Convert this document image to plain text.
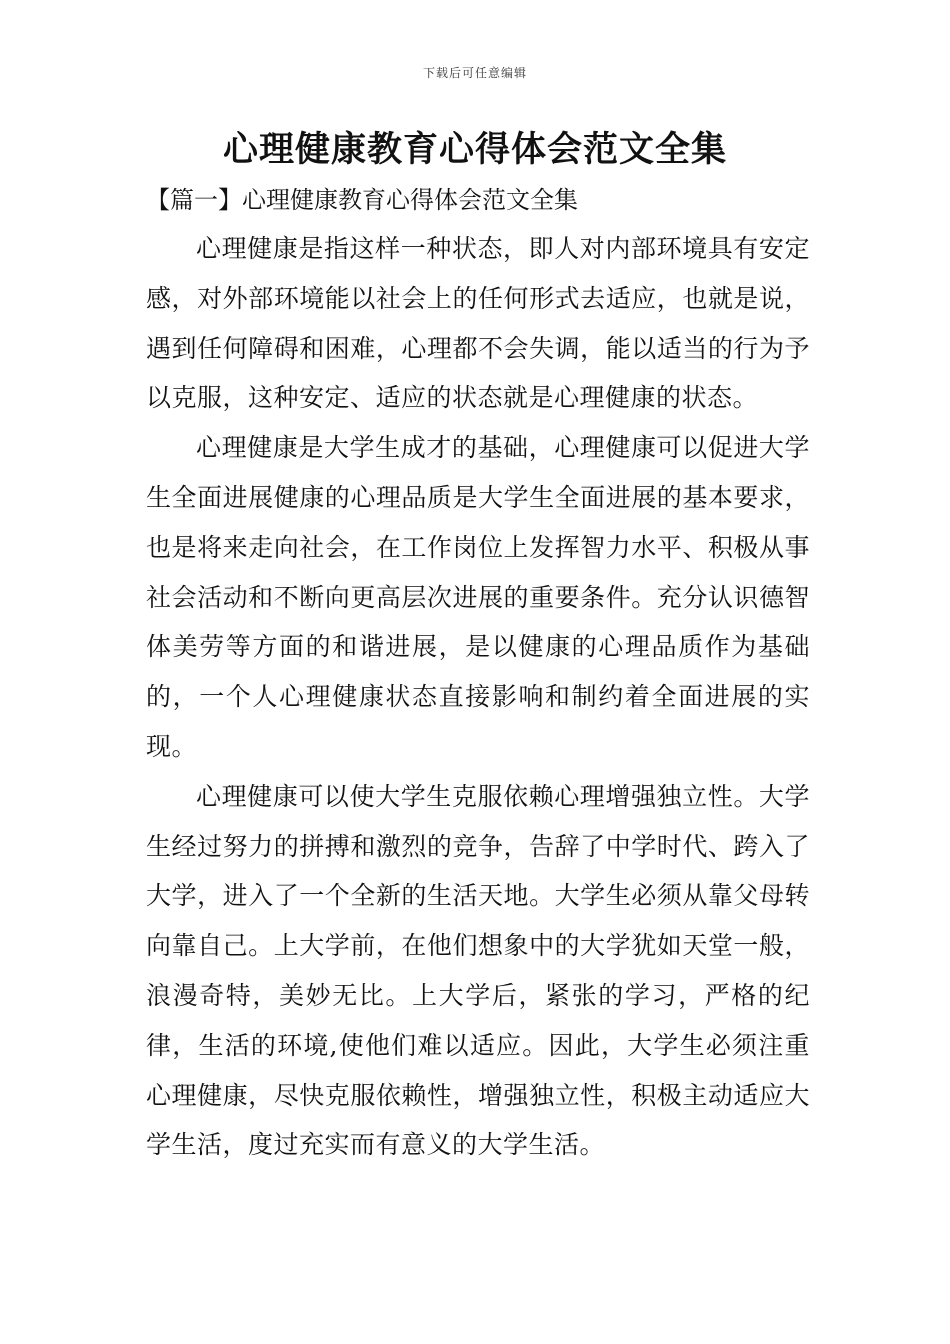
下载后可任意编辑
心理健康教育心得体会范文全集
【篇一】心理健康教育心得体会范文全集

心理健康是指这样一种状态，即人对内部环境具有安定感，对外部环境能以社会上的任何形式去适应，也就是说，遇到任何障碍和困难，心理都不会失调，能以适当的行为予以克服，这种安定、适应的状态就是心理健康的状态。

心理健康是大学生成才的基础，心理健康可以促进大学生全面进展健康的心理品质是大学生全面进展的基本要求，也是将来走向社会，在工作岗位上发挥智力水平、积极从事社会活动和不断向更高层次进展的重要条件。充分认识德智体美劳等方面的和谐进展，是以健康的心理品质作为基础的，一个人心理健康状态直接影响和制约着全面进展的实现。

心理健康可以使大学生克服依赖心理增强独立性。大学生经过努力的拼搏和激烈的竞争，告辞了中学时代、跨入了大学，进入了一个全新的生活天地。大学生必须从靠父母转向靠自己。上大学前，在他们想象中的大学犹如天堂一般，浪漫奇特，美妙无比。上大学后，紧张的学习，严格的纪律，生活的环境,使他们难以适应。因此，大学生必须注重心理健康，尽快克服依赖性，增强独立性，积极主动适应大学生活，度过充实而有意义的大学生活。
